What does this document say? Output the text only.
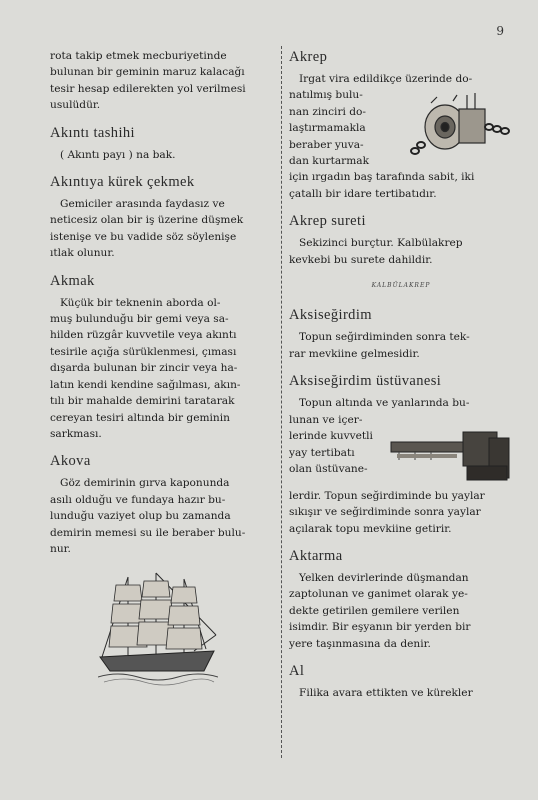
9
rota takip etmek mecburiyetinde
bulunan bir geminin maruz kalacağı
tesir hesap edilerekten yol verilmesi
usulüdür.
Akıntı tashihi
( Akıntı payı ) na bak.
Akıntıya kürek çekmek
Gemiciler arasında faydasız ve
neticesiz olan bir iş üzerine düşmek
istenişe ve bu vadide söz söylenişe
ıtlak olunur.
Akmak
Küçük bir teknenin aborda ol-
muş bulunduğu bir gemi veya sa-
hilden rüzgâr kuvvetile veya akıntı
tesirile açığa sürüklenmesi, çıması
dışarda bulunan bir zincir veya ha-
latın kendi kendine sağılması, akın-
tılı bir mahalde demirini taratarak
cereyan tesiri altında bir geminin
sarkması.
Akova
Göz demirinin gırva kaponunda
asılı olduğu ve fundaya hazır bu-
lunduğu vaziyet olup bu zamanda
demirin memesi su ile beraber bulu-
nur.
Akrep
Irgat vira edildikçe üzerinde do-
natılmış bulu-
nan zinciri do-
laştırmamakla
beraber yuva-
dan kurtarmak
için ırgadın baş tarafında sabit, iki
çatallı bir idare tertibatıdır.
Akrep sureti
Sekizinci burçtur. Kalbülakrep
kevkebi bu surete dahildir.
KALBÜLAKREP
Aksiseğirdim
Topun seğirdiminden sonra tek-
rar mevkiine gelmesidir.
Aksiseğirdim üstüvanesi
Topun altında ve yanlarında bu-
lunan ve içer-
lerinde kuvvetli
yay tertibatı
olan üstüvane-
lerdir. Topun seğirdiminde bu yaylar
sıkışır ve seğirdiminde sonra yaylar
açılarak topu mevkiine getirir.
Aktarma
Yelken devirlerinde düşmandan
zaptolunan ve ganimet olarak ye-
dekte getirilen gemilere verilen
isimdir. Bir eşyanın bir yerden bir
yere taşınmasına da denir.
Al
Filika avara ettikten ve kürekler
